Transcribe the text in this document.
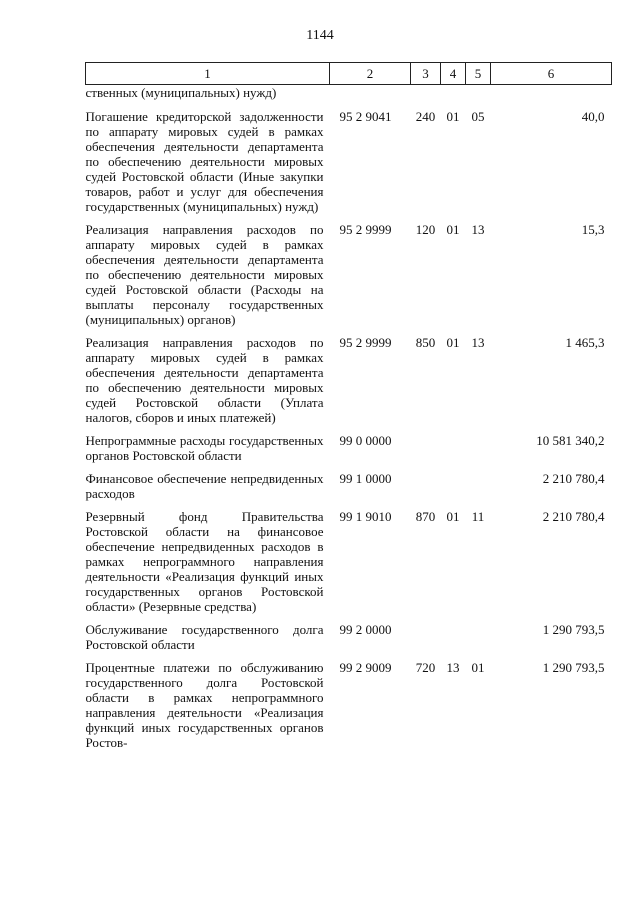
1144
1	2	3	4	5	6
ственных (муниципальных) нужд)					
Погашение кредиторской задолженности по аппарату мировых судей в рамках обеспечения деятельности департамента по обеспечению деятельности мировых судей Ростовской области (Иные закупки товаров, работ и услуг для обеспечения государственных (муниципальных) нужд)	95 2 9041	240	01	05	40,0
Реализация направления расходов по аппарату мировых судей в рамках обеспечения деятельности департамента по обеспечению деятельности мировых судей Ростовской области (Расходы на выплаты персоналу государственных (муниципальных) органов)	95 2 9999	120	01	13	15,3
Реализация направления расходов по аппарату мировых судей в рамках обеспечения деятельности департамента по обеспечению деятельности мировых судей Ростовской области (Уплата налогов, сборов и иных платежей)	95 2 9999	850	01	13	1 465,3
Непрограммные расходы государственных органов Ростовской области	99 0 0000				10 581 340,2
Финансовое обеспечение непредвиденных расходов	99 1 0000				2 210 780,4
Резервный фонд Правительства Ростовской области на финансовое обеспечение непредвиденных расходов в рамках непрограммного направления деятельности «Реализация функций иных государственных органов Ростовской области» (Резервные средства)	99 1 9010	870	01	11	2 210 780,4
Обслуживание государственного долга Ростовской области	99 2 0000				1 290 793,5
Процентные платежи по обслуживанию государственного долга Ростовской области в рамках непрограммного направления деятельности «Реализация функций иных государственных органов Ростов-	99 2 9009	720	13	01	1 290 793,5
